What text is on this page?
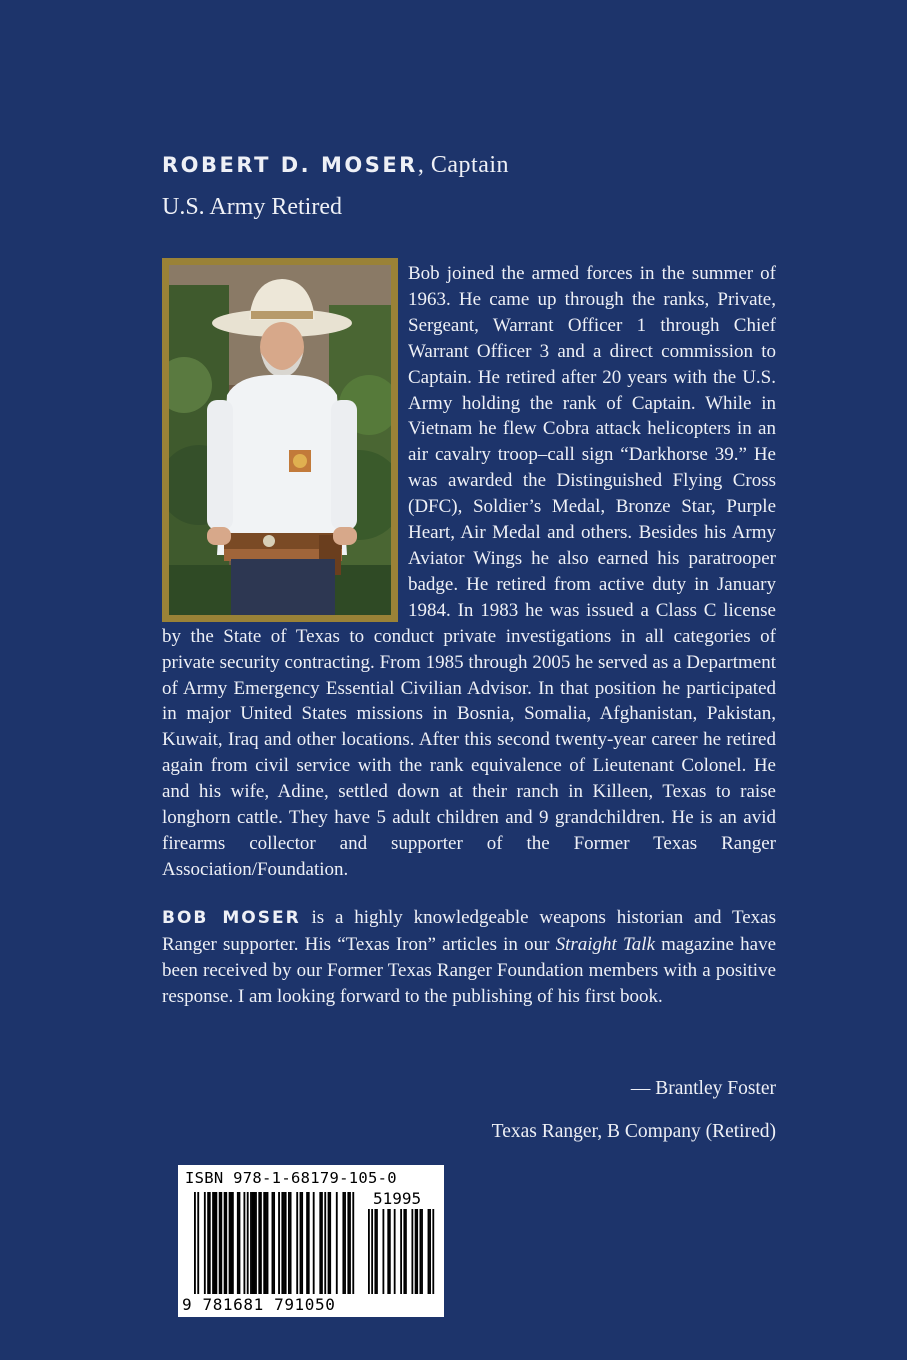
ROBERT D. MOSER, Captain
U.S. Army Retired
Bob joined the armed forces in the summer of 1963. He came up through the ranks, Private, Sergeant, Warrant Officer 1 through Chief Warrant Officer 3 and a direct commission to Captain. He retired after 20 years with the U.S. Army holding the rank of Captain. While in Vietnam he flew Cobra attack helicopters in an air cavalry troop–call sign “Darkhorse 39.” He was awarded the Distinguished Flying Cross (DFC), Soldier’s Medal, Bronze Star, Purple Heart, Air Medal and others. Besides his Army Aviator Wings he also earned his paratrooper badge. He retired from active duty in January 1984. In 1983 he was issued a Class C license by the State of Texas to conduct private investigations in all categories of private security contracting. From 1985 through 2005 he served as a Department of Army Emergency Essential Civilian Advisor. In that position he participated in major United States missions in Bosnia, Somalia, Afghanistan, Pakistan, Kuwait, Iraq and other locations. After this second twenty-year career he retired again from civil service with the rank equivalence of Lieutenant Colonel. He and his wife, Adine, settled down at their ranch in Killeen, Texas to raise longhorn cattle. They have 5 adult children and 9 grandchildren. He is an avid firearms collector and supporter of the Former Texas Ranger Association/Foundation.
BOB MOSER is a highly knowledgeable weapons historian and Texas Ranger supporter. His “Texas Iron” articles in our Straight Talk magazine have been received by our Former Texas Ranger Foundation members with a positive response. I am looking forward to the publishing of his first book.
— Brantley Foster
Texas Ranger, B Company (Retired)
ISBN 978-1-68179-105-0
51995
9 781681 791050
